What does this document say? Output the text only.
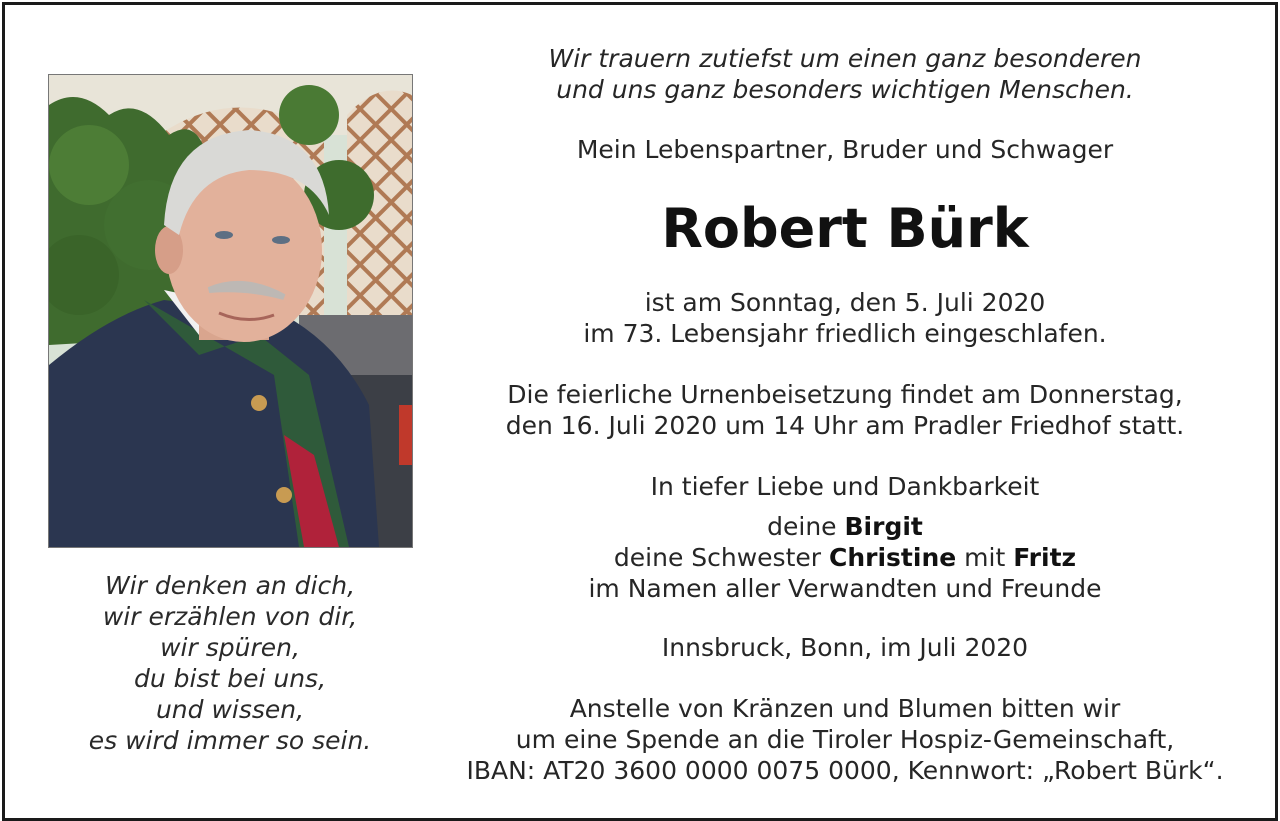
Wir denken an dich,
wir erzählen von dir,
wir spüren,
du bist bei uns,
und wissen,
es wird immer so sein.
Wir trauern zutiefst um einen ganz besonderen
und uns ganz besonders wichtigen Menschen.
Mein Lebenspartner, Bruder und Schwager
Robert Bürk
ist am Sonntag, den 5. Juli 2020
im 73. Lebensjahr friedlich eingeschlafen.
Die feierliche Urnenbeisetzung findet am Donnerstag,
den 16. Juli 2020 um 14 Uhr am Pradler Friedhof statt.
In tiefer Liebe und Dankbarkeit
deine Birgit
deine Schwester Christine mit Fritz
im Namen aller Verwandten und Freunde
Innsbruck, Bonn, im Juli 2020
Anstelle von Kränzen und Blumen bitten wir
um eine Spende an die Tiroler Hospiz-Gemeinschaft,
IBAN: AT20 3600 0000 0075 0000, Kennwort: „Robert Bürk“.
